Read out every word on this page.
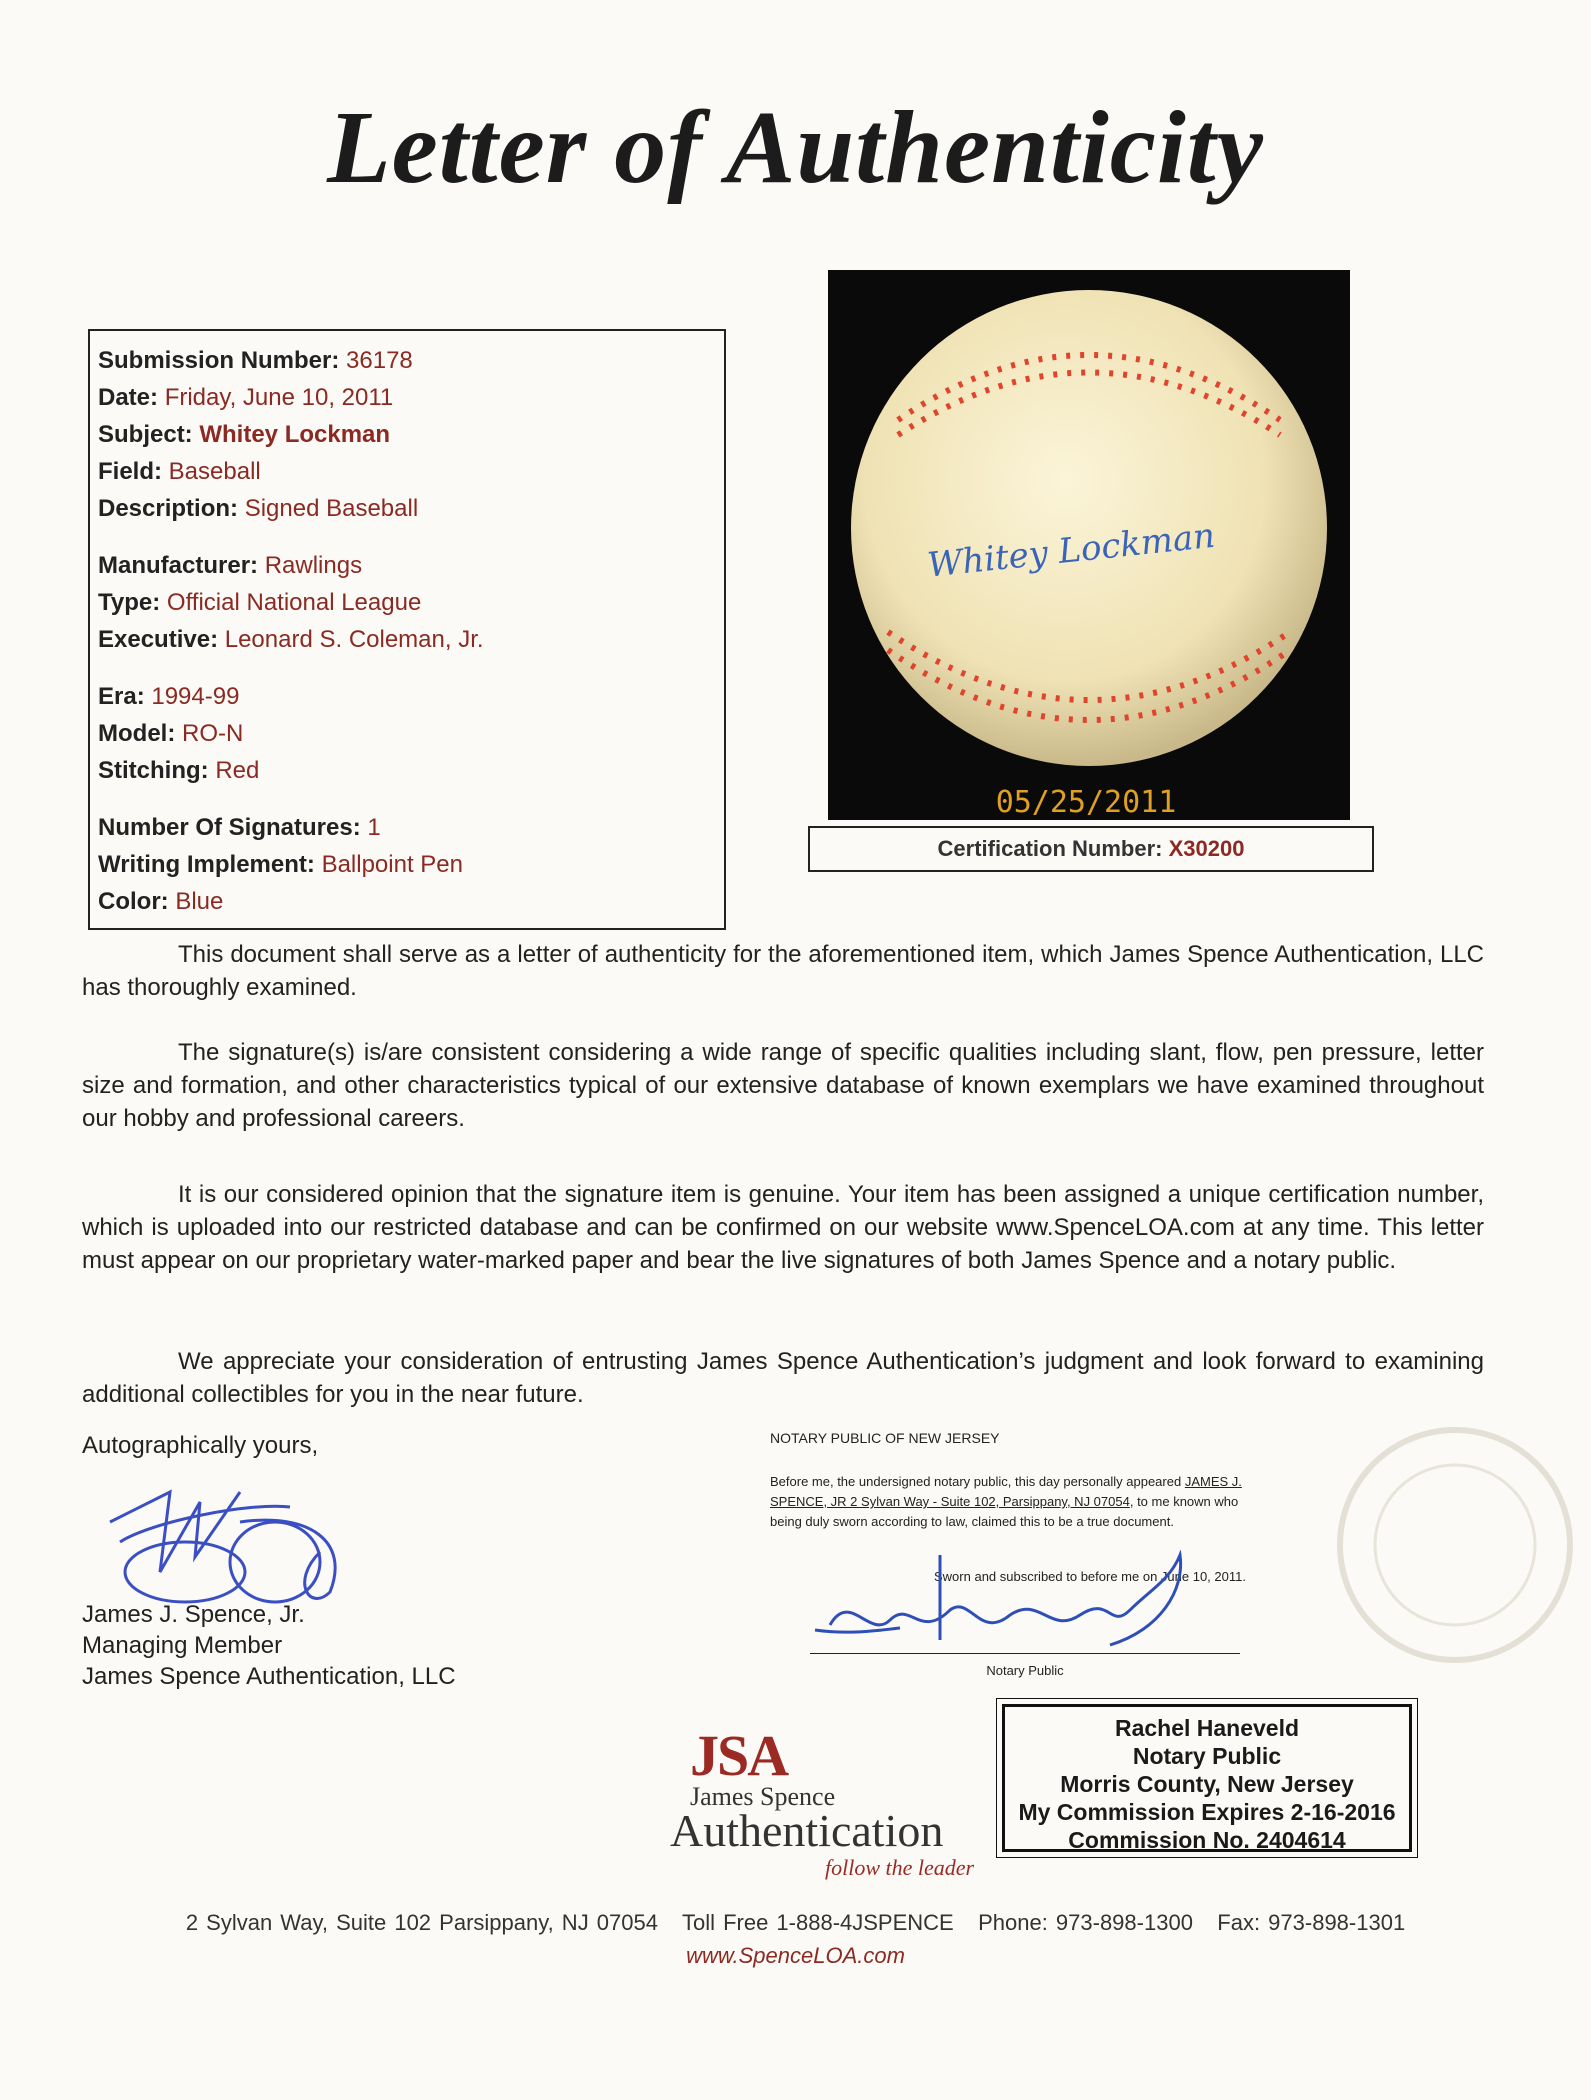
Letter of Authenticity
Submission Number: 36178
Date: Friday, June 10, 2011
Subject: Whitey Lockman
Field: Baseball
Description: Signed Baseball
Manufacturer: Rawlings
Type: Official National League
Executive: Leonard S. Coleman, Jr.
Era: 1994-99
Model: RO-N
Stitching: Red
Number Of Signatures: 1
Writing Implement: Ballpoint Pen
Color: Blue
Whitey Lockman
05/25/2011
Certification Number: X30200
This document shall serve as a letter of authenticity for the aforementioned item, which James Spence Authentication, LLC has thoroughly examined.
The signature(s) is/are consistent considering a wide range of specific qualities including slant, flow, pen pressure, letter size and formation, and other characteristics typical of our extensive database of known exemplars we have examined throughout our hobby and professional careers.
It is our considered opinion that the signature item is genuine. Your item has been assigned a unique certification number, which is uploaded into our restricted database and can be confirmed on our website www.SpenceLOA.com at any time. This letter must appear on our proprietary water-marked paper and bear the live signatures of both James Spence and a notary public.
We appreciate your consideration of entrusting James Spence Authentication’s judgment and look forward to examining additional collectibles for you in the near future.
Autographically yours,
James J. Spence, Jr.
Managing Member
James Spence Authentication, LLC
NOTARY PUBLIC OF NEW JERSEY
Before me, the undersigned notary public, this day personally appeared JAMES J.
SPENCE, JR 2 Sylvan Way - Suite 102, Parsippany, NJ 07054, to me known who
being duly sworn according to law, claimed this to be a true document.
Sworn and subscribed to before me on June 10, 2011.
Notary Public
Rachel Haneveld
Notary Public
Morris County, New Jersey
My Commission Expires 2-16-2016
Commission No. 2404614
JSA
James Spence
Authentication
follow the leader
2 Sylvan Way, Suite 102 Parsippany, NJ 07054 Toll Free 1-888-4JSPENCE Phone: 973-898-1300 Fax: 973-898-1301
www.SpenceLOA.com
